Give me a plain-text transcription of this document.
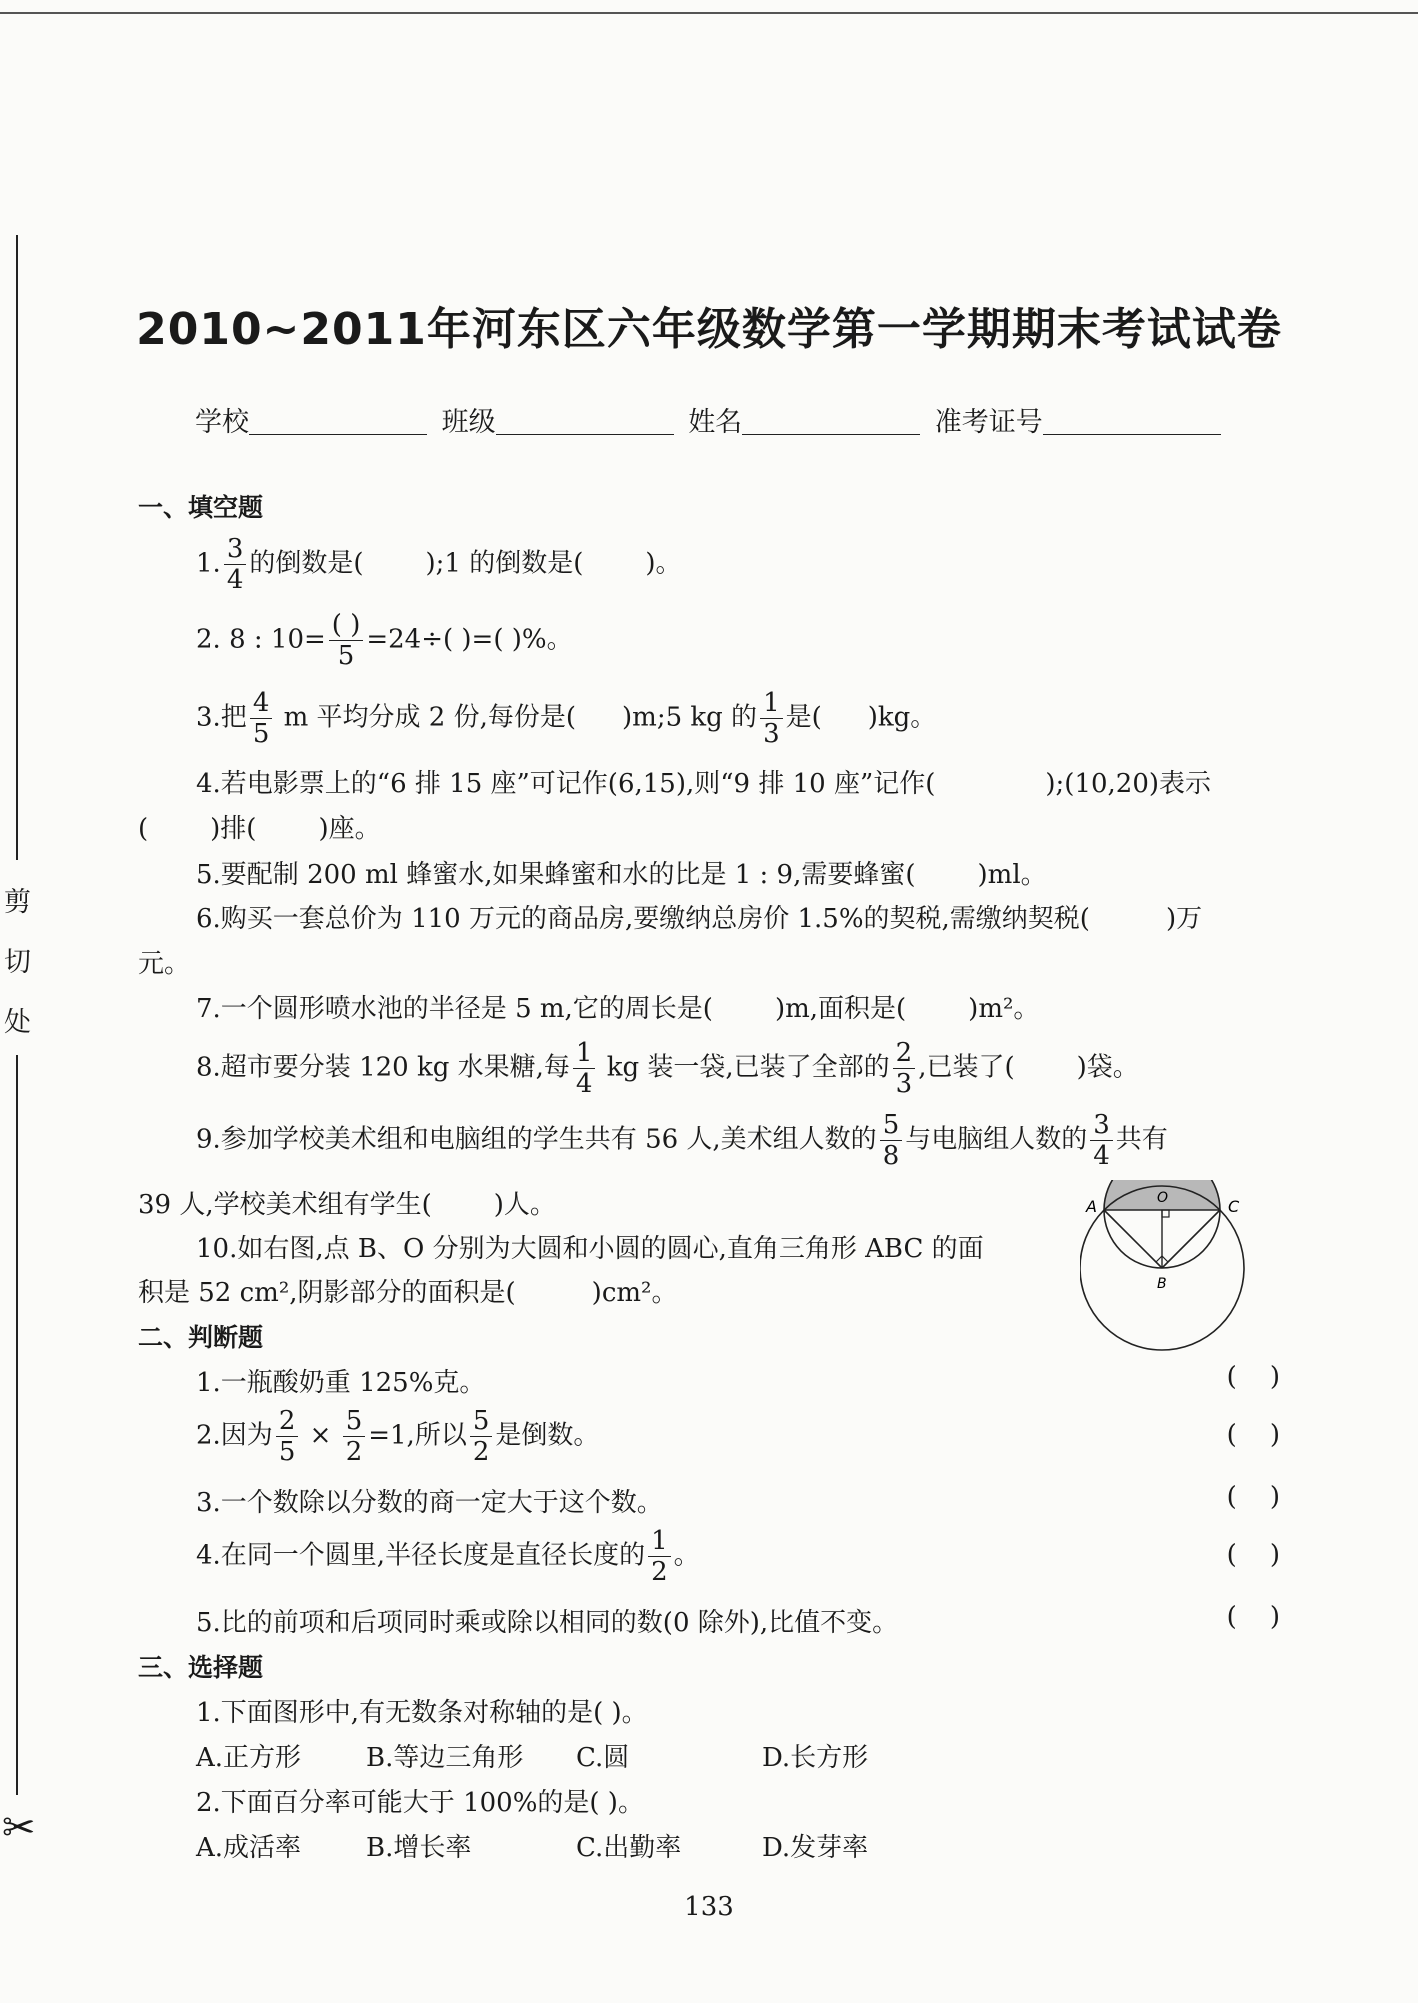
剪
切
处
✂
2010~2011年河东区六年级数学第一学期期末考试试卷
学校	班级	姓名	准考证号
一、填空题
1. $\frac{3}{4}$ 的倒数是( );1 的倒数是( )。
2. 8 : $10= \frac{( )}{5} =24\div$( )=( )%。
3.把 $\frac{4}{5}$ m 平均分成 2 份,每份是( )m;5 kg 的 $\frac{1}{3}$ 是( )kg。
4.若电影票上的“6 排 15 座”可记作(6,15),则“9 排 10 座”记作(	);(10,20)表示
( )排( )座。
5.要配制 200 ml 蜂蜜水,如果蜂蜜和水的比是 1 : 9,需要蜂蜜( )ml。
6.购买一套总价为 110 万元的商品房,要缴纳总房价 1.5%的契税,需缴纳契税(	)万
元。
7.一个圆形喷水池的半径是 5 m,它的周长是( )m,面积是( )m²。
8.超市要分装 120 kg 水果糖,每 $\frac{1}{4}$ kg 装一袋,已装了全部的 $\frac{2}{3}$ ,已装了( )袋。
9.参加学校美术组和电脑组的学生共有 56 人,美术组人数的 $\frac{5}{8}$ 与电脑组人数的 $\frac{3}{4}$ 共有
39 人,学校美术组有学生( )人。
10.如右图,点 B、O 分别为大圆和小圆的圆心,直角三角形 ABC 的面
积是 52 cm²,阴影部分的面积是(	)cm²。
A	O	C
B
二、判断题
1.一瓶酸奶重 125%克。	(    )
2.因为 $\frac{2}{5} \times \frac{5}{2} =1$,所以 $\frac{5}{2}$ 是倒数。	(    )
3.一个数除以分数的商一定大于这个数。	(    )
4.在同一个圆里,半径长度是直径长度的 $\frac{1}{2}$ 。	(    )
5.比的前项和后项同时乘或除以相同的数(0 除外),比值不变。	(    )
三、选择题
1.下面图形中,有无数条对称轴的是( )。
A.正方形 B.等边三角形 C.圆	D.长方形
2.下面百分率可能大于 100%的是( )。
A.成活率 B.增长率	C.出勤率	D.发芽率
133
